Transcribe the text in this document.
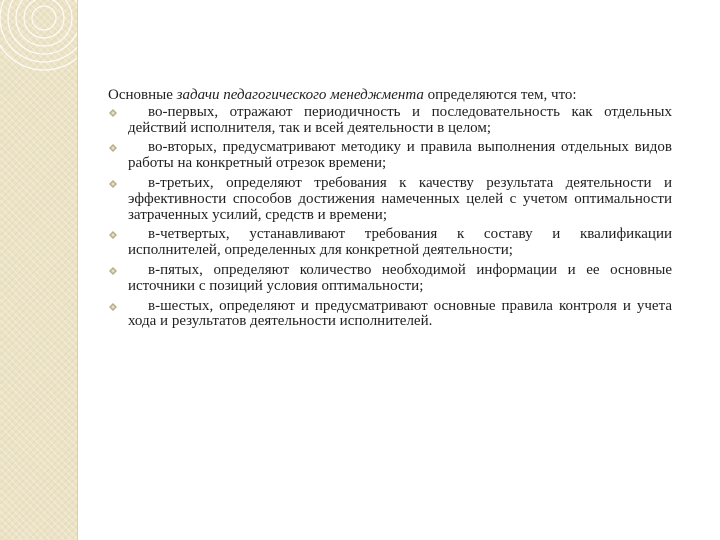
Основные задачи педагогического менеджмента определяются тем, что:

во-первых, отражают периодичность и последовательность как отдельных действий исполнителя, так и всей деятельности в целом;
во-вторых, предусматривают методику и правила выполнения отдельных видов работы на конкретный отрезок времени;
в-третьих, определяют требования к качеству результата деятельности и эффективности способов достижения намеченных целей с учетом оптимальности затраченных усилий, средств и времени;
в-четвертых, устанавливают требования к составу и квалификации исполнителей, определенных для конкретной деятельности;
в-пятых, определяют количество необходимой информации и ее основные источники с позиций условия оптимальности;
в-шестых, определяют и предусматривают основные правила контроля и учета хода и результатов деятельности исполнителей.
